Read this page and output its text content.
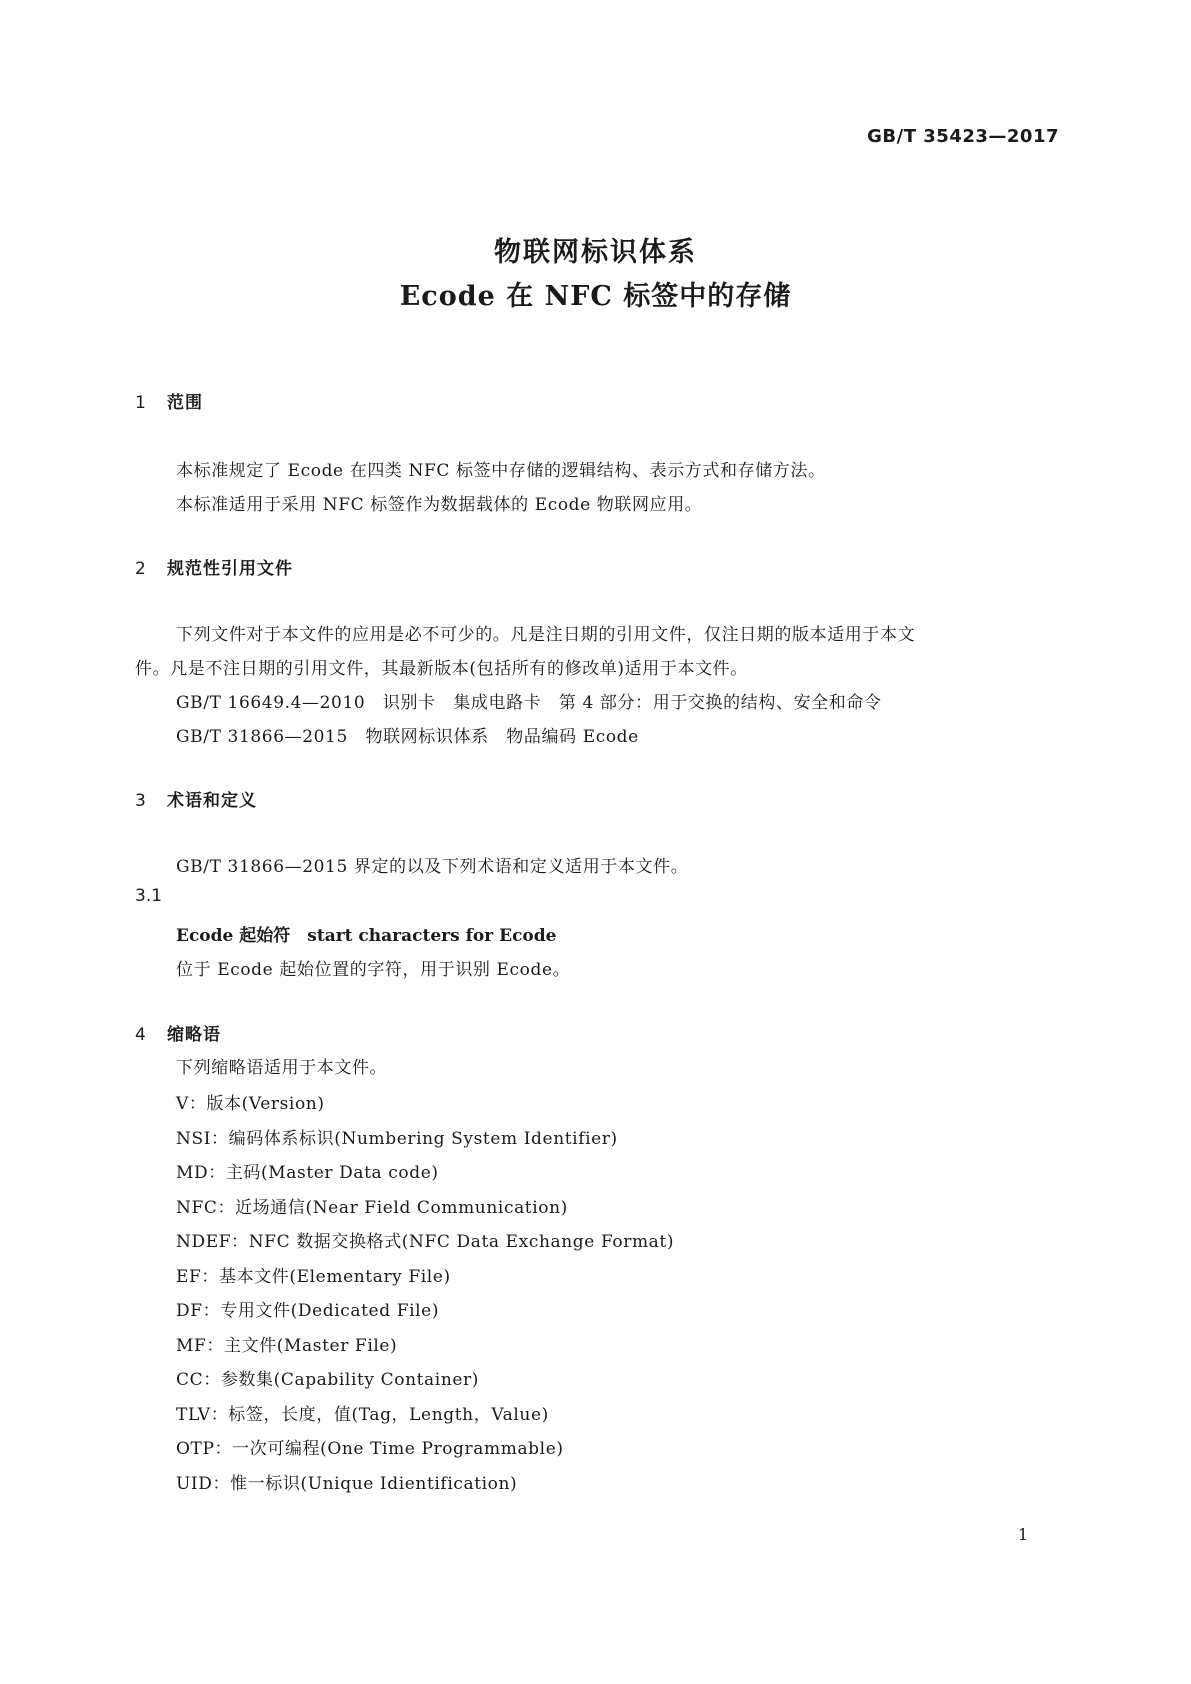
GB/T 35423—2017
物联网标识体系
Ecode 在 NFC 标签中的存储
1 范围
本标准规定了 Ecode 在四类 NFC 标签中存储的逻辑结构、表示方式和存储方法。
本标准适用于采用 NFC 标签作为数据载体的 Ecode 物联网应用。
2 规范性引用文件
下列文件对于本文件的应用是必不可少的。凡是注日期的引用文件，仅注日期的版本适用于本文
件。凡是不注日期的引用文件，其最新版本(包括所有的修改单)适用于本文件。
GB/T 16649.4—2010　识别卡　集成电路卡　第 4 部分：用于交换的结构、安全和命令
GB/T 31866—2015　物联网标识体系　物品编码 Ecode
3 术语和定义
GB/T 31866—2015 界定的以及下列术语和定义适用于本文件。
3.1
Ecode 起始符　start characters for Ecode
位于 Ecode 起始位置的字符，用于识别 Ecode。
4 缩略语
下列缩略语适用于本文件。
V：版本(Version)
NSI：编码体系标识(Numbering System Identifier)
MD：主码(Master Data code)
NFC：近场通信(Near Field Communication)
NDEF：NFC 数据交换格式(NFC Data Exchange Format)
EF：基本文件(Elementary File)
DF：专用文件(Dedicated File)
MF：主文件(Master File)
CC：参数集(Capability Container)
TLV：标签，长度，值(Tag，Length，Value)
OTP：一次可编程(One Time Programmable)
UID：惟一标识(Unique Idientification)
1
